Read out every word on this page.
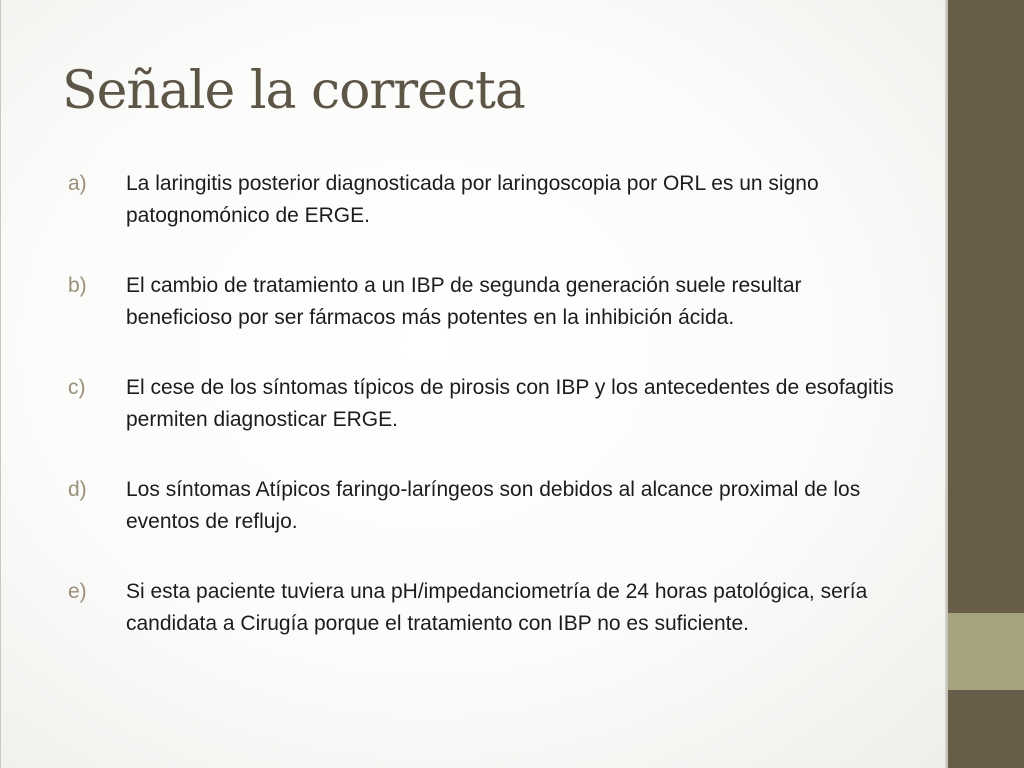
Señale la correcta
a)	La laringitis posterior diagnosticada por laringoscopia por ORL es un signo patognomónico de ERGE.
b)	El cambio de tratamiento a un IBP de segunda generación suele resultar beneficioso por ser fármacos más potentes en la inhibición ácida.
c)	El cese de los síntomas típicos de pirosis con IBP y los antecedentes de esofagitis permiten diagnosticar ERGE.
d)	Los síntomas Atípicos faringo-laríngeos son debidos al alcance proximal de los eventos de reflujo.
e)	Si esta paciente tuviera una pH/impedanciometría de 24 horas patológica, sería candidata a Cirugía porque el tratamiento con IBP no es suficiente.
